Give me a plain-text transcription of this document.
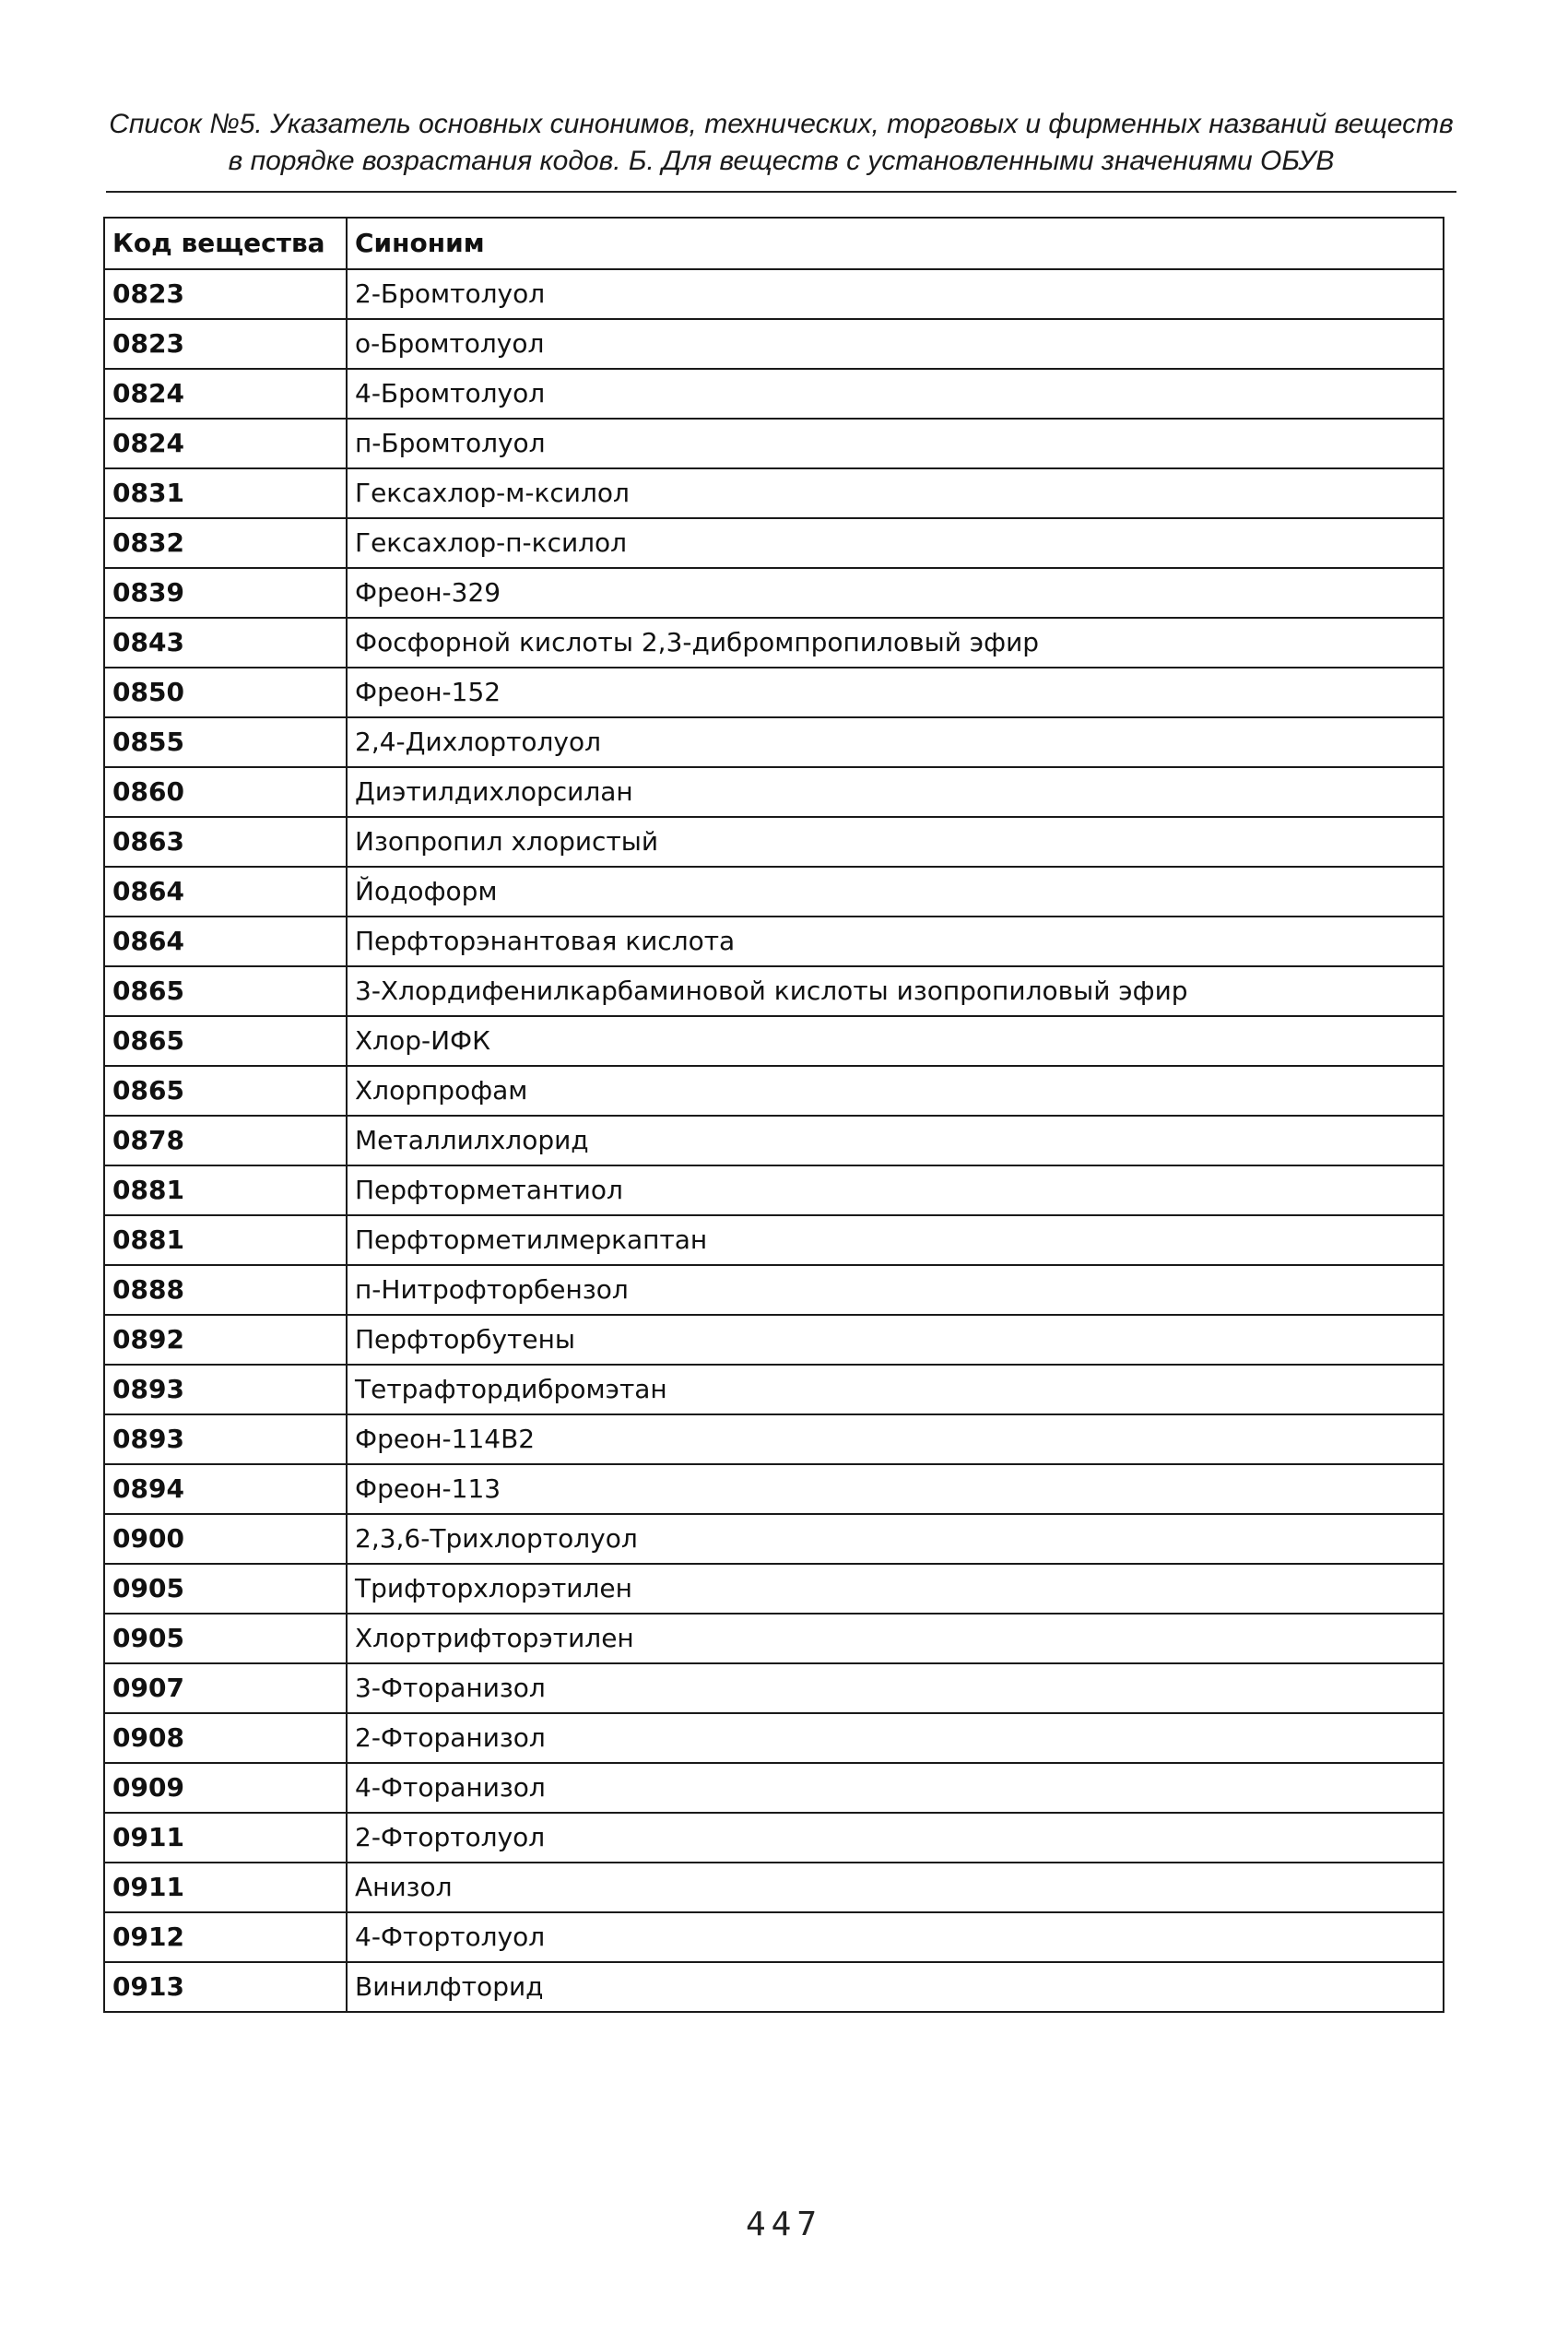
Список №5. Указатель основных синонимов, технических, торговых и фирменных названий веществ
в порядке возрастания кодов. Б. Для веществ с установленными значениями ОБУВ
Код вещества	Синоним
0823	2-Бромтолуол
0823	о-Бромтолуол
0824	4-Бромтолуол
0824	п-Бромтолуол
0831	Гексахлор-м-ксилол
0832	Гексахлор-п-ксилол
0839	Фреон-329
0843	Фосфорной кислоты 2,3-дибромпропиловый эфир
0850	Фреон-152
0855	2,4-Дихлортолуол
0860	Диэтилдихлорсилан
0863	Изопропил хлористый
0864	Йодоформ
0864	Перфторэнантовая кислота
0865	3-Хлордифенилкарбаминовой кислоты изопропиловый эфир
0865	Хлор-ИФК
0865	Хлорпрофам
0878	Металлилхлорид
0881	Перфторметантиол
0881	Перфторметилмеркаптан
0888	п-Нитрофторбензол
0892	Перфторбутены
0893	Тетрафтордибромэтан
0893	Фреон-114В2
0894	Фреон-113
0900	2,3,6-Трихлортолуол
0905	Трифторхлорэтилен
0905	Хлортрифторэтилен
0907	3-Фторанизол
0908	2-Фторанизол
0909	4-Фторанизол
0911	2-Фтортолуол
0911	Анизол
0912	4-Фтортолуол
0913	Винилфторид
447
